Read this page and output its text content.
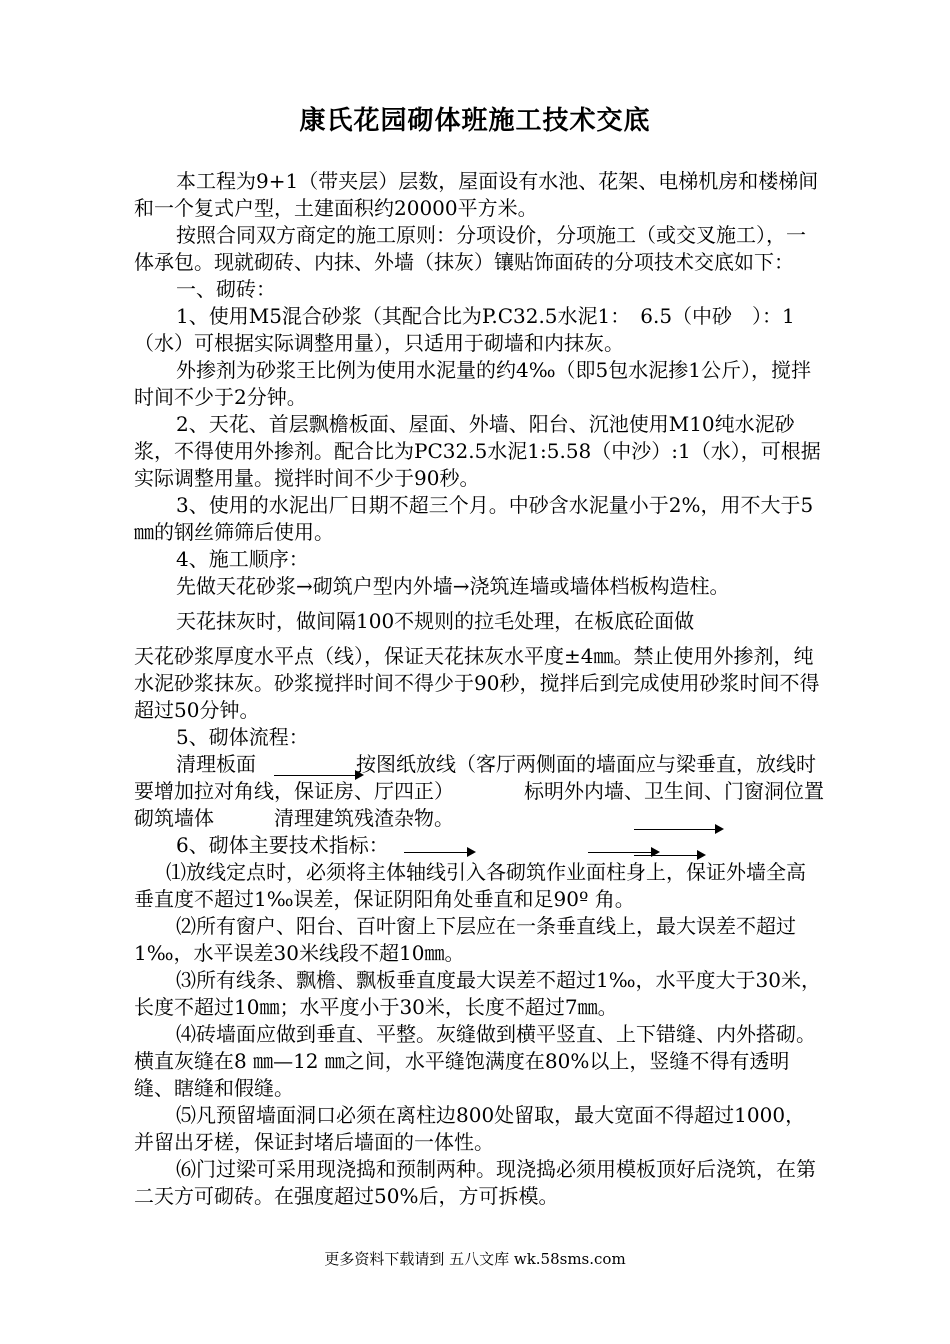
康氏花园砌体班施工技术交底

本工程为9+1（带夹层）层数，屋面设有水池、花架、电梯机房和楼梯间和一个复式户型，土建面积约20000平方米。

按照合同双方商定的施工原则：分项设价，分项施工（或交叉施工），一体承包。现就砌砖、内抹、外墙（抹灰）镶贴饰面砖的分项技术交底如下：

一、砌砖：

1、使用M5混合砂浆（其配合比为P.C32.5水泥1：　6.5（中砂　）：1（水）可根据实际调整用量），只适用于砌墙和内抹灰。

外掺剂为砂浆王比例为使用水泥量的约4‰（即5包水泥掺1公斤），搅拌时间不少于2分钟。

2、天花、首层飘檐板面、屋面、外墙、阳台、沉池使用M10纯水泥砂浆，不得使用外掺剂。配合比为PC32.5水泥1:5.58（中沙）:1（水），可根据实际调整用量。搅拌时间不少于90秒。

3、使用的水泥出厂日期不超三个月。中砂含水泥量小于2%，用不大于5 ㎜的钢丝筛筛后使用。

4、施工顺序：

先做天花砂浆→砌筑户型内外墙→浇筑连墙或墙体档板构造柱。

天花抹灰时，做间隔100不规则的拉毛处理，在板底砼面做

天花砂浆厚度水平点（线），保证天花抹灰水平度±4㎜。禁止使用外掺剂，纯水泥砂浆抹灰。砂浆搅拌时间不得少于90秒，搅拌后到完成使用砂浆时间不得超过50分钟。

5、砌体流程：

清理板面　　　　　按图纸放线（客厅两侧面的墙面应与梁垂直，放线时要增加拉对角线，保证房、厅四正）　　　　标明外内墙、卫生间、门窗洞位置　　　　砌筑墙体　　　清理建筑残渣杂物。

6、砌体主要技术指标：

⑴放线定点时，必须将主体轴线引入各砌筑作业面柱身上，保证外墙全高垂直度不超过1‰误差，保证阴阳角处垂直和足90º 角。

⑵所有窗户、阳台、百叶窗上下层应在一条垂直线上，最大误差不超过1‰，水平误差30米线段不超10㎜。

⑶所有线条、飘檐、飘板垂直度最大误差不超过1‰，水平度大于30米，长度不超过10㎜；水平度小于30米，长度不超过7㎜。

⑷砖墙面应做到垂直、平整。灰缝做到横平竖直、上下错缝、内外搭砌。横直灰缝在8 ㎜—12 ㎜之间，水平缝饱满度在80%以上，竖缝不得有透明缝、瞎缝和假缝。

⑸凡预留墙面洞口必须在离柱边800处留取，最大宽面不得超过1000，并留出牙槎，保证封堵后墙面的一体性。

⑹门过梁可采用现浇捣和预制两种。现浇捣必须用模板顶好后浇筑，在第二天方可砌砖。在强度超过50%后，方可拆模。

更多资料下载请到 五八文库 wk.58sms.com
